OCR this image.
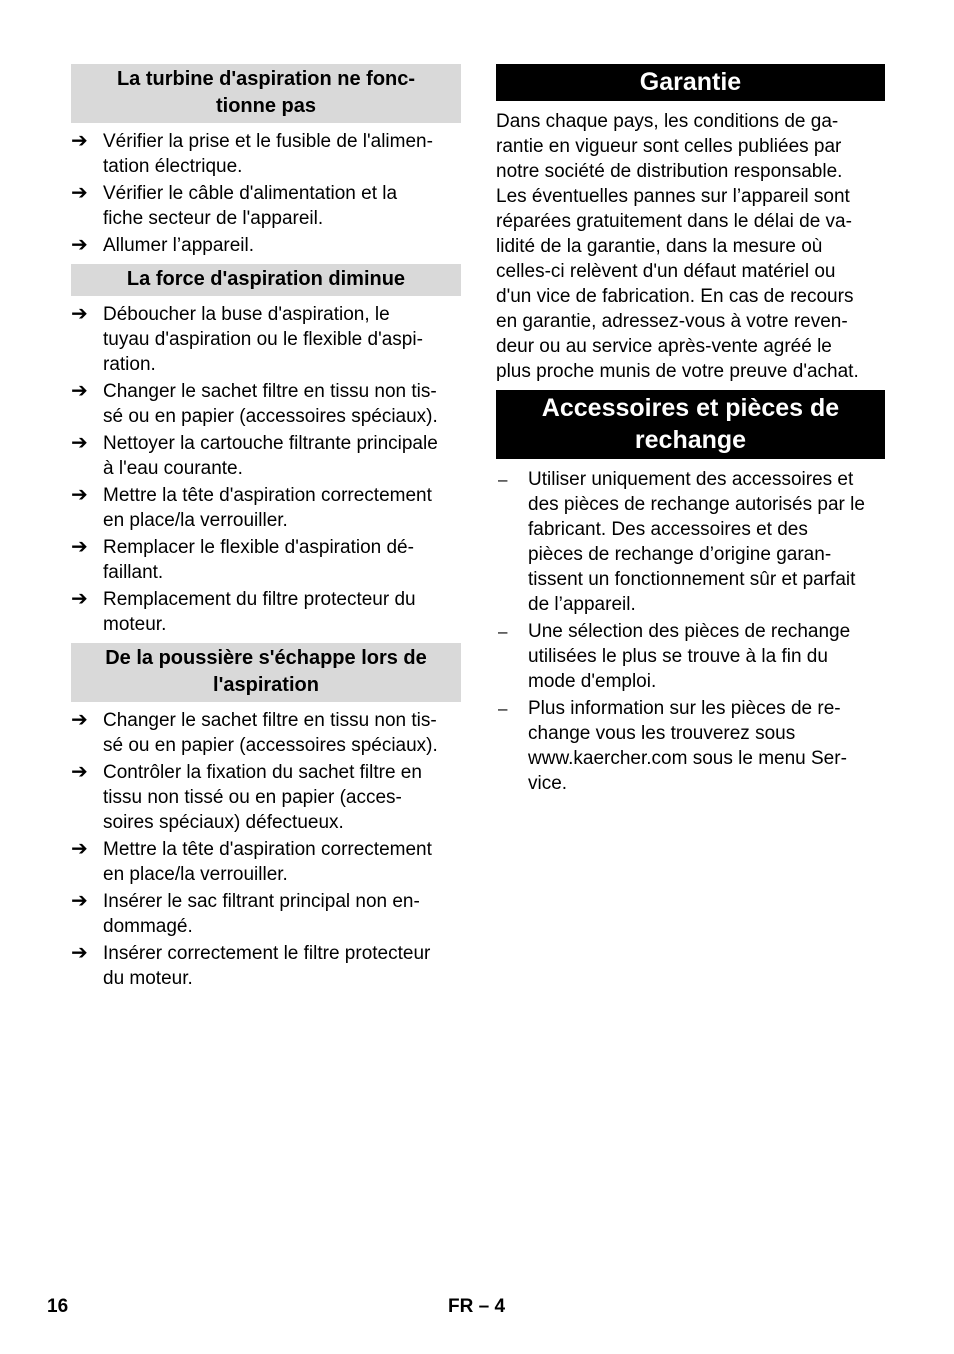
La turbine d'aspiration ne fonc-
tionne pas
➔ Vérifier la prise et le fusible de l'alimen-
tation électrique.
➔ Vérifier le câble d'alimentation et la
fiche secteur de l'appareil.
➔ Allumer l’appareil.
La force d'aspiration diminue
➔ Déboucher la buse d'aspiration, le
tuyau d'aspiration ou le flexible d'aspi-
ration.
➔ Changer le sachet filtre en tissu non tis-
sé ou en papier (accessoires spéciaux).
➔ Nettoyer la cartouche filtrante principale
à l'eau courante.
➔ Mettre la tête d'aspiration correctement
en place/la verrouiller.
➔ Remplacer le flexible d'aspiration dé-
faillant.
➔ Remplacement du filtre protecteur du
moteur.
De la poussière s'échappe lors de
l'aspiration
➔ Changer le sachet filtre en tissu non tis-
sé ou en papier (accessoires spéciaux).
➔ Contrôler la fixation du sachet filtre en
tissu non tissé ou en papier (acces-
soires spéciaux) défectueux.
➔ Mettre la tête d'aspiration correctement
en place/la verrouiller.
➔ Insérer le sac filtrant principal non en-
dommagé.
➔ Insérer correctement le filtre protecteur
du moteur.
Garantie

Dans chaque pays, les conditions de ga-
rantie en vigueur sont celles publiées par
notre société de distribution responsable.
Les éventuelles pannes sur l’appareil sont
réparées gratuitement dans le délai de va-
lidité de la garantie, dans la mesure où
celles-ci relèvent d'un défaut matériel ou
d'un vice de fabrication. En cas de recours
en garantie, adressez-vous à votre reven-
deur ou au service après-vente agréé le
plus proche munis de votre preuve d'achat.

Accessoires et pièces de
rechange
–	Utiliser uniquement des accessoires et
des pièces de rechange autorisés par le
fabricant. Des accessoires et des
pièces de rechange d’origine garan-
tissent un fonctionnement sûr et parfait
de l’appareil.
–	Une sélection des pièces de rechange
utilisées le plus se trouve à la fin du
mode d'emploi.
–	Plus information sur les pièces de re-
change vous les trouverez sous
www.kaercher.com sous le menu Ser-
vice.
16	FR – 4
